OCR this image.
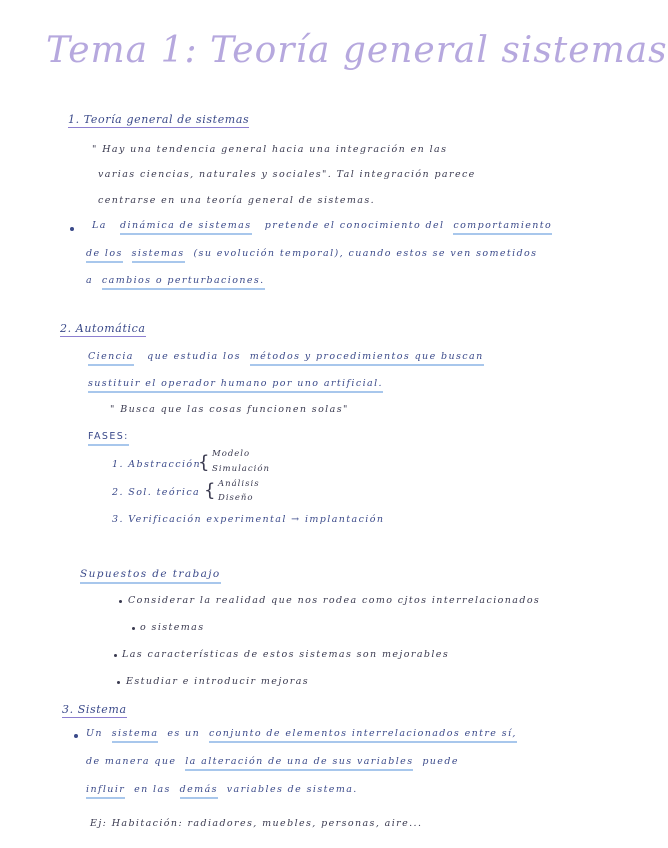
Tema 1: Teoría general sistemas
1. Teoría general de sistemas
" Hay una tendencia general hacia una integración en las
varias ciencias, naturales y sociales". Tal integración parece
centrarse en una teoría general de sistemas.
La dinámica de sistemas pretende el conocimiento del comportamiento
de los sistemas (su evolución temporal), cuando estos se ven sometidos
a cambios o perturbaciones.
2. Automática
Ciencia que estudia los métodos y procedimientos que buscan
sustituir el operador humano por uno artificial.
" Busca que las cosas funcionen solas"
FASES:
1. Abstracción
{ Modelo
Simulación
2. Sol. teórica { Análisis
Diseño
3. Verificación experimental → implantación
Supuestos de trabajo
Considerar la realidad que nos rodea como cjtos interrelacionados
o sistemas
Las características de estos sistemas son mejorables
Estudiar e introducir mejoras
3. Sistema
Un sistema es un conjunto de elementos interrelacionados entre sí,
de manera que la alteración de una de sus variables puede
influir en las demás variables de sistema.
Ej: Habitación: radiadores, muebles, personas, aire...
